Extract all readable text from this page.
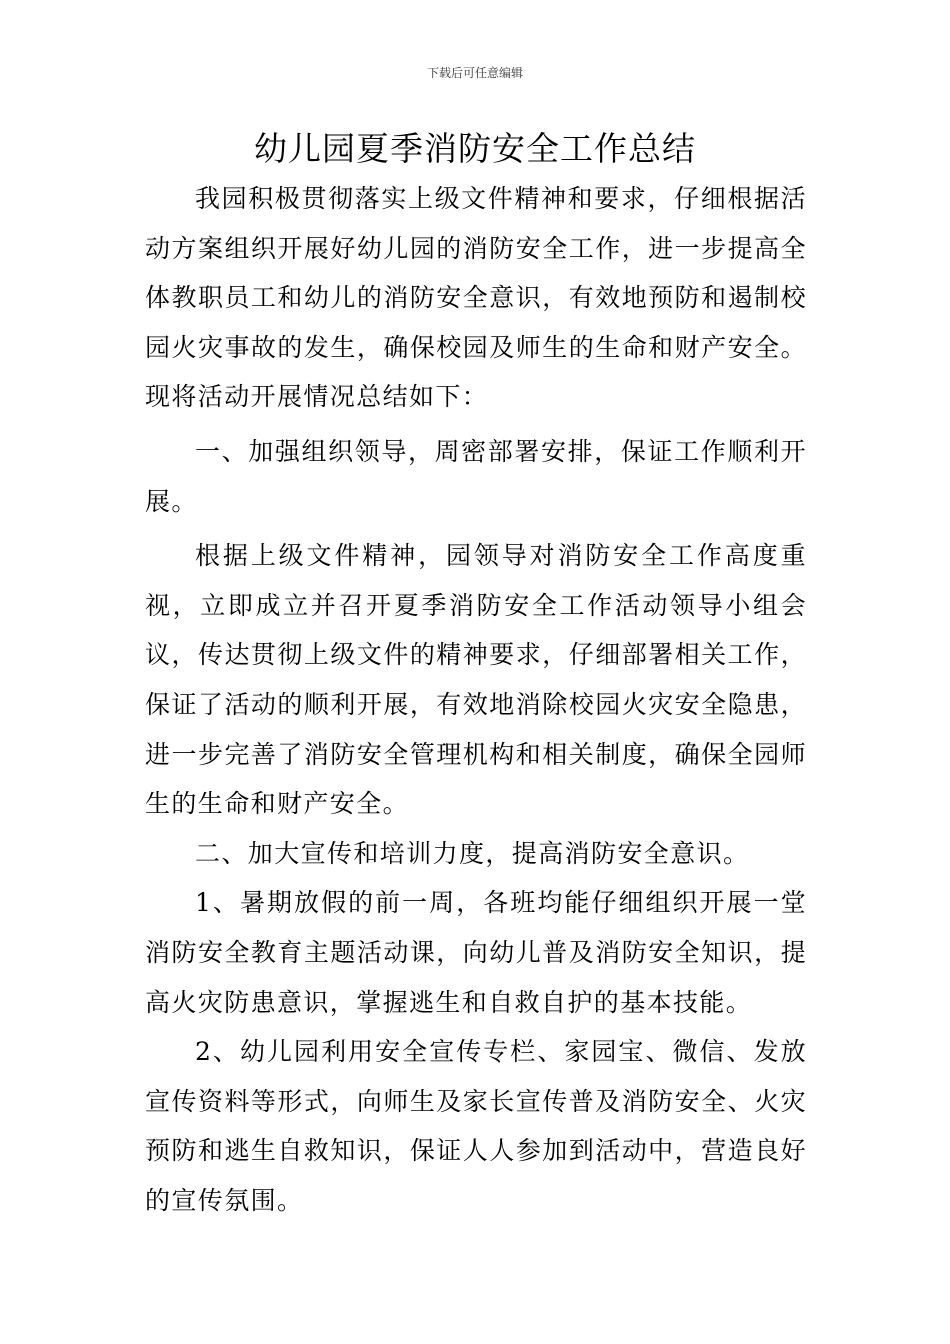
下载后可任意编辑
幼儿园夏季消防安全工作总结

我园积极贯彻落实上级文件精神和要求，仔细根据活动方案组织开展好幼儿园的消防安全工作，进一步提高全体教职员工和幼儿的消防安全意识，有效地预防和遏制校园火灾事故的发生，确保校园及师生的生命和财产安全。现将活动开展情况总结如下：

一、加强组织领导，周密部署安排，保证工作顺利开展。

根据上级文件精神，园领导对消防安全工作高度重视，立即成立并召开夏季消防安全工作活动领导小组会议，传达贯彻上级文件的精神要求，仔细部署相关工作，保证了活动的顺利开展，有效地消除校园火灾安全隐患，进一步完善了消防安全管理机构和相关制度，确保全园师生的生命和财产安全。

二、加大宣传和培训力度，提高消防安全意识。

1、暑期放假的前一周，各班均能仔细组织开展一堂消防安全教育主题活动课，向幼儿普及消防安全知识，提高火灾防患意识，掌握逃生和自救自护的基本技能。

2、幼儿园利用安全宣传专栏、家园宝、微信、发放宣传资料等形式，向师生及家长宣传普及消防安全、火灾预防和逃生自救知识，保证人人参加到活动中，营造良好的宣传氛围。
